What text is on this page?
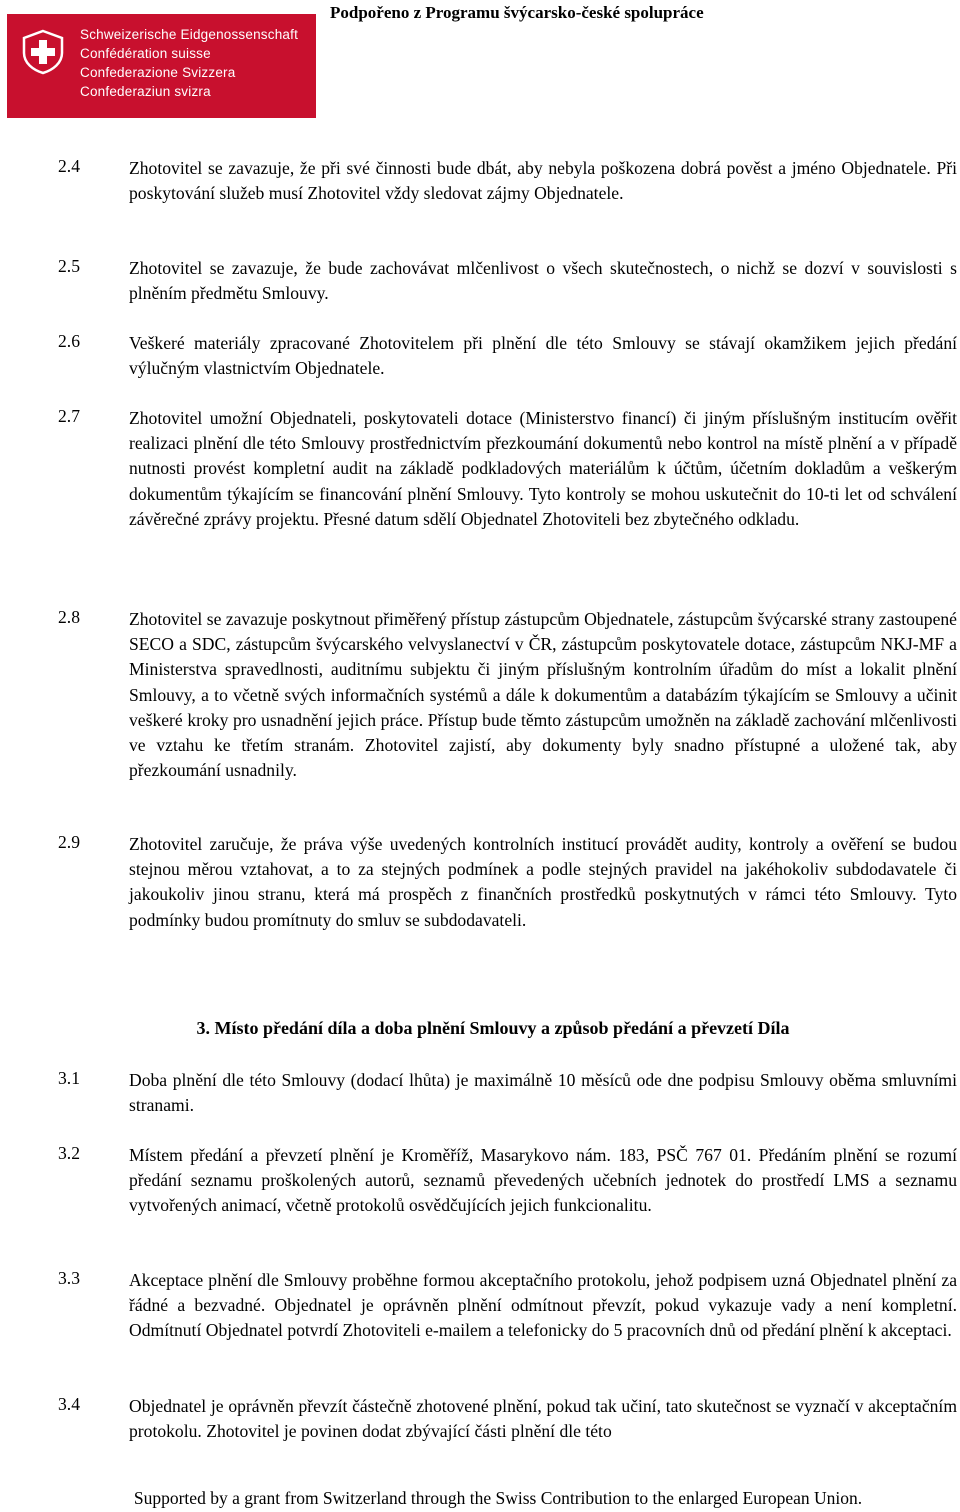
Schweizerische Eidgenossenschaft
Confédération suisse
Confederazione Svizzera
Confederaziun svizra
Podpořeno z Programu švýcarsko-české spolupráce
2.4	Zhotovitel se zavazuje, že při své činnosti bude dbát, aby nebyla poškozena dobrá pověst a jméno Objednatele. Při poskytování služeb musí Zhotovitel vždy sledovat zájmy Objednatele.
2.5	Zhotovitel se zavazuje, že bude zachovávat mlčenlivost o všech skutečnostech, o nichž se dozví v souvislosti s plněním předmětu Smlouvy.
2.6	Veškeré materiály zpracované Zhotovitelem při plnění dle této Smlouvy se stávají okamžikem jejich předání výlučným vlastnictvím Objednatele.
2.7	Zhotovitel umožní Objednateli, poskytovateli dotace (Ministerstvo financí) či jiným příslušným institucím ověřit realizaci plnění dle této Smlouvy prostřednictvím přezkoumání dokumentů nebo kontrol na místě plnění a v případě nutnosti provést kompletní audit na základě podkladových materiálům k účtům, účetním dokladům a veškerým dokumentům týkajícím se financování plnění Smlouvy. Tyto kontroly se mohou uskutečnit do 10-ti let od schválení závěrečné zprávy projektu. Přesné datum sdělí Objednatel Zhotoviteli bez zbytečného odkladu.
2.8	Zhotovitel se zavazuje poskytnout přiměřený přístup zástupcům Objednatele, zástupcům švýcarské strany zastoupené SECO a SDC, zástupcům švýcarského velvyslanectví v ČR, zástupcům poskytovatele dotace, zástupcům NKJ-MF a Ministerstva spravedlnosti, auditnímu subjektu či jiným příslušným kontrolním úřadům do míst a lokalit plnění Smlouvy, a to včetně svých informačních systémů a dále k dokumentům a databázím týkajícím se Smlouvy a učinit veškeré kroky pro usnadnění jejich práce. Přístup bude těmto zástupcům umožněn na základě zachování mlčenlivosti ve vztahu ke třetím stranám. Zhotovitel zajistí, aby dokumenty byly snadno přístupné a uložené tak, aby přezkoumání usnadnily.
2.9	Zhotovitel zaručuje, že práva výše uvedených kontrolních institucí provádět audity, kontroly a ověření se budou stejnou měrou vztahovat, a to za stejných podmínek a podle stejných pravidel na jakéhokoliv subdodavatele či jakoukoliv jinou stranu, která má prospěch z finančních prostředků poskytnutých v rámci této Smlouvy. Tyto podmínky budou promítnuty do smluv se subdodavateli.
3. Místo předání díla a doba plnění Smlouvy a způsob předání a převzetí Díla
3.1	Doba plnění dle této Smlouvy (dodací lhůta) je maximálně 10 měsíců ode dne podpisu Smlouvy oběma smluvními stranami.
3.2	Místem předání a převzetí plnění je Kroměříž, Masarykovo nám. 183, PSČ 767 01. Předáním plnění se rozumí předání seznamu proškolených autorů, seznamů převedených učebních jednotek do prostředí LMS a seznamu vytvořených animací, včetně protokolů osvědčujících jejich funkcionalitu.
3.3	Akceptace plnění dle Smlouvy proběhne formou akceptačního protokolu, jehož podpisem uzná Objednatel plnění za řádné a bezvadné. Objednatel je oprávněn plnění odmítnout převzít, pokud vykazuje vady a není kompletní. Odmítnutí Objednatel potvrdí Zhotoviteli e-mailem a telefonicky do 5 pracovních dnů od předání plnění k akceptaci.
3.4	Objednatel je oprávněn převzít částečně zhotovené plnění, pokud tak učiní, tato skutečnost se vyznačí v akceptačním protokolu. Zhotovitel je povinen dodat zbývající části plnění dle této
Supported by a grant from Switzerland through the Swiss Contribution to the enlarged European Union.
